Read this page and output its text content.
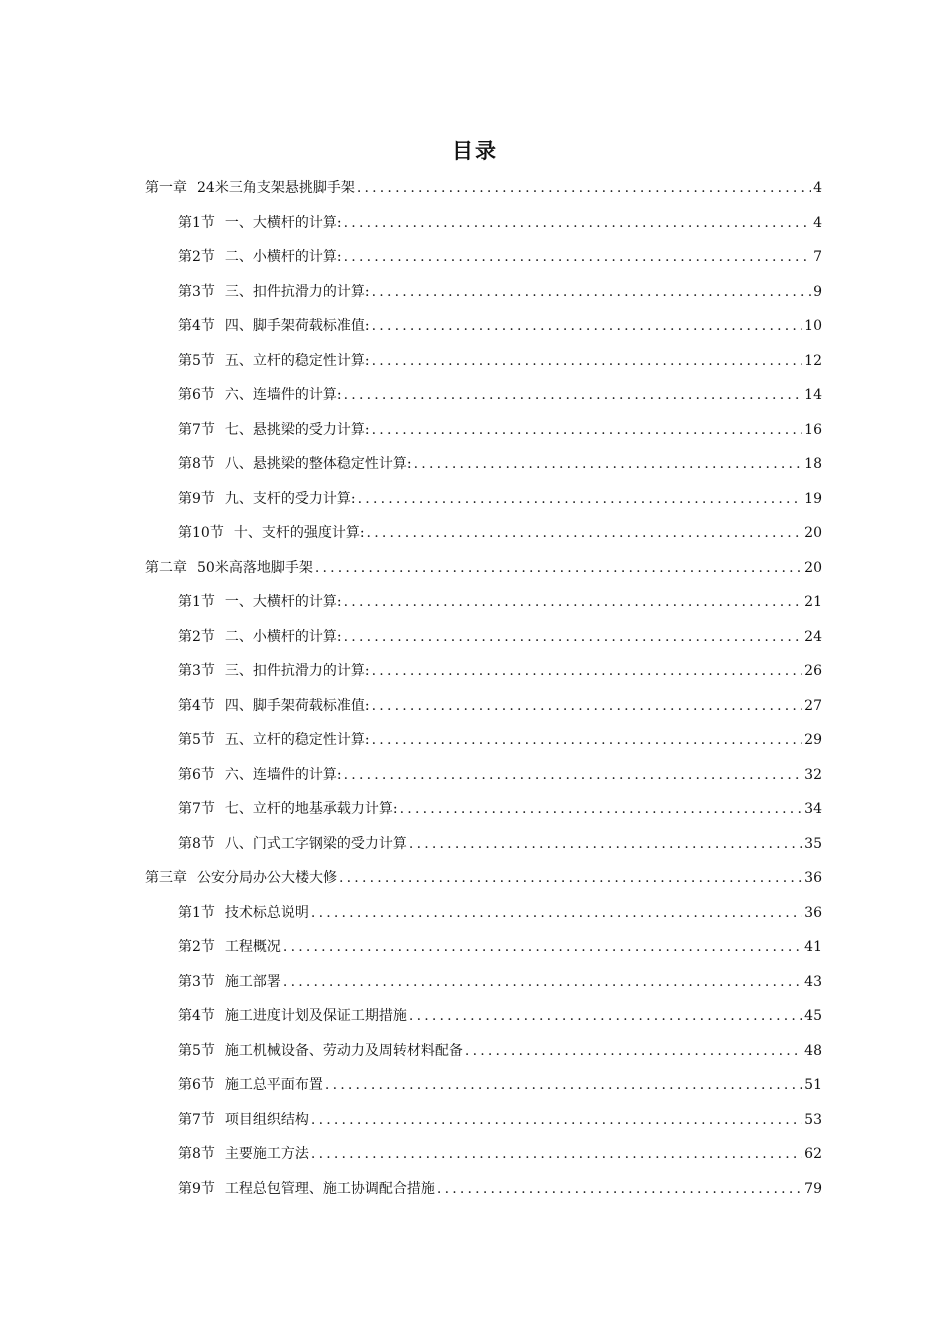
目录
第一章 24米三角支架悬挑脚手架 .....	4
第1节 一、大横杆的计算: .....	4
第2节 二、小横杆的计算: .....	7
第3节 三、扣件抗滑力的计算: .....	9
第4节 四、脚手架荷载标准值: .....	10
第5节 五、立杆的稳定性计算: .....	12
第6节 六、连墙件的计算: .....	14
第7节 七、悬挑梁的受力计算: .....	16
第8节 八、悬挑梁的整体稳定性计算: .....	18
第9节 九、支杆的受力计算: .....	19
第10节 十、支杆的强度计算: .....	20
第二章 50米高落地脚手架 .....	20
第1节 一、大横杆的计算: .....	21
第2节 二、小横杆的计算: .....	24
第3节 三、扣件抗滑力的计算: .....	26
第4节 四、脚手架荷载标准值: .....	27
第5节 五、立杆的稳定性计算: .....	29
第6节 六、连墙件的计算: .....	32
第7节 七、立杆的地基承载力计算: .....	34
第8节 八、门式工字钢梁的受力计算 .....	35
第三章 公安分局办公大楼大修 .....	36
第1节 技术标总说明 .....	36
第2节 工程概况 .....	41
第3节 施工部署 .....	43
第4节 施工进度计划及保证工期措施 .....	45
第5节 施工机械设备、劳动力及周转材料配备 .....	48
第6节 施工总平面布置 .....	51
第7节 项目组织结构 .....	53
第8节 主要施工方法 .....	62
第9节 工程总包管理、施工协调配合措施 .....	79
